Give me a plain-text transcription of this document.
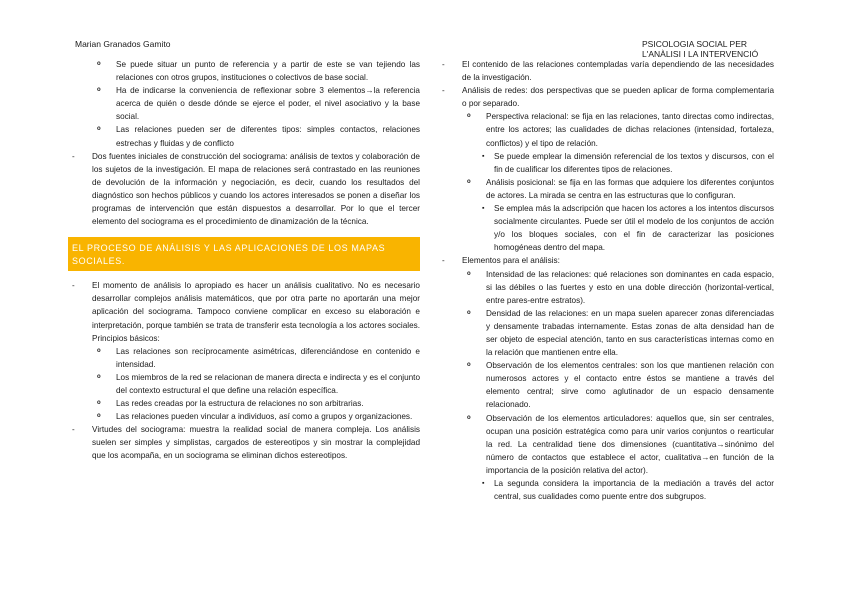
Marian Granados Gamito	PSICOLOGIA SOCIAL PER
L'ANÀLISI I LA INTERVENCIÓ
o Se puede situar un punto de referencia y a partir de este se van tejiendo las relaciones con otros grupos, instituciones o colectivos de base social.
o Ha de indicarse la conveniencia de reflexionar sobre 3 elementos→la referencia acerca de quién o desde dónde se ejerce el poder, el nivel asociativo y la base social.
o Las relaciones pueden ser de diferentes tipos: simples contactos, relaciones estrechas y fluidas y de conflicto
- Dos fuentes iniciales de construcción del sociograma: análisis de textos y colaboración de los sujetos de la investigación. El mapa de relaciones será contrastado en las reuniones de devolución de la información y negociación, es decir, cuando los resultados del diagnóstico son hechos públicos y cuando los actores interesados se ponen a diseñar los programas de intervención que están dispuestos a desarrollar. Por lo que el tercer elemento del sociograma es el procedimiento de dinamización de la técnica.
EL PROCESO DE ANÁLISIS Y LAS APLICACIONES DE LOS MAPAS SOCIALES.
- El momento de análisis lo apropiado es hacer un análisis cualitativo. No es necesario desarrollar complejos análisis matemáticos, que por otra parte no aportarán una mejor aplicación del sociograma. Tampoco conviene complicar en exceso su elaboración e interpretación, porque también se trata de transferir esta tecnología a los actores sociales. Principios básicos:
o Las relaciones son recíprocamente asimétricas, diferenciándose en contenido e intensidad.
o Los miembros de la red se relacionan de manera directa e indirecta y es el conjunto del contexto estructural el que define una relación específica.
o Las redes creadas por la estructura de relaciones no son arbitrarias.
o Las relaciones pueden vincular a individuos, así como a grupos y organizaciones.
- Virtudes del sociograma: muestra la realidad social de manera compleja. Los análisis suelen ser simples y simplistas, cargados de estereotipos y sin mostrar la complejidad que los acompaña, en un sociograma se eliminan dichos estereotipos.
- El contenido de las relaciones contempladas varía dependiendo de las necesidades de la investigación.
- Análisis de redes: dos perspectivas que se pueden aplicar de forma complementaria o por separado.
o Perspectiva relacional: se fija en las relaciones, tanto directas como indirectas, entre los actores; las cualidades de dichas relaciones (intensidad, fortaleza, conflictos) y el tipo de relación.
▪ Se puede emplear la dimensión referencial de los textos y discursos, con el fin de cualificar los diferentes tipos de relaciones.
o Análisis posicional: se fija en las formas que adquiere los diferentes conjuntos de actores. La mirada se centra en las estructuras que lo configuran.
▪ Se emplea más la adscripción que hacen los actores a los intentos discursos socialmente circulantes. Puede ser útil el modelo de los conjuntos de acción y/o los bloques sociales, con el fin de caracterizar las posiciones homogéneas dentro del mapa.
- Elementos para el análisis:
o Intensidad de las relaciones: qué relaciones son dominantes en cada espacio, si las débiles o las fuertes y esto en una doble dirección (horizontal-vertical, entre pares-entre estratos).
o Densidad de las relaciones: en un mapa suelen aparecer zonas diferenciadas y densamente trabadas internamente. Estas zonas de alta densidad han de ser objeto de especial atención, tanto en sus características internas como en la relación que mantienen entre ella.
o Observación de los elementos centrales: son los que mantienen relación con numerosos actores y el contacto entre éstos se mantiene a través del elemento central; sirve como aglutinador de un espacio densamente relacionado.
o Observación de los elementos articuladores: aquellos que, sin ser centrales, ocupan una posición estratégica como para unir varios conjuntos o rearticular la red. La centralidad tiene dos dimensiones (cuantitativa→sinónimo del número de contactos que establece el actor, cualitativa→en función de la importancia de la posición relativa del actor).
▪ La segunda considera la importancia de la mediación a través del actor central, sus cualidades como puente entre dos subgrupos.
